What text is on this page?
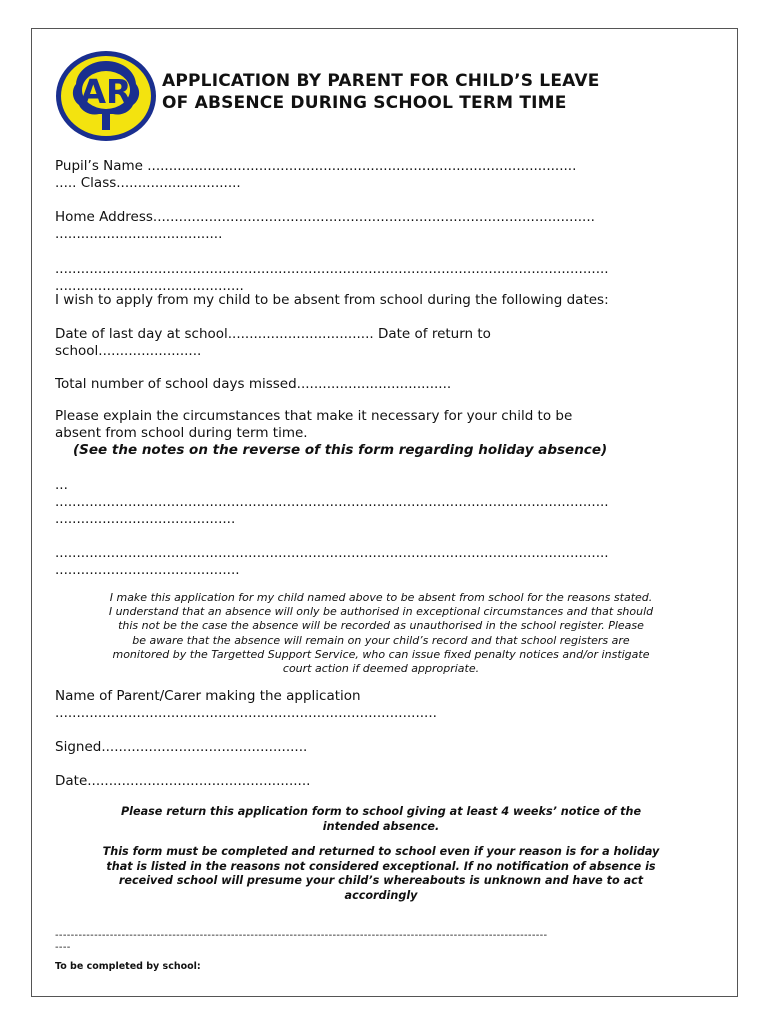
AR APPLICATION BY PARENT FOR CHILD’S LEAVE
OF ABSENCE DURING SCHOOL TERM TIME
Pupil’s Name ....................................................................................................
..... Class.............................
Home Address.......................................................................................................
.......................................
.................................................................................................................................
............................................
I wish to apply from my child to be absent from school during the following dates:
Date of last day at school.................................. Date of return to
school........................
Total number of school days missed....................................
Please explain the circumstances that make it necessary for your child to be
absent from school during term time.
(See the notes on the reverse of this form regarding holiday absence)
...
.................................................................................................................................
..........................................
.................................................................................................................................
...........................................
I make this application for my child named above to be absent from school for the reasons stated.
I understand that an absence will only be authorised in exceptional circumstances and that should
this not be the case the absence will be recorded as unauthorised in the school register. Please
be aware that the absence will remain on your child’s record and that school registers are
monitored by the Targetted Support Service, who can issue fixed penalty notices and/or instigate
court action if deemed appropriate.
Name of Parent/Carer making the application
.........................................................................................
Signed................................................
Date....................................................
Please return this application form to school giving at least 4 weeks’ notice of the
intended absence.
This form must be completed and returned to school even if your reason is for a holiday
that is listed in the reasons not considered exceptional. If no notification of absence is
received school will presume your child’s whereabouts is unknown and have to act
accordingly
------------------------------------------------------------------------------------------------------------------------------
----
To be completed by school:
